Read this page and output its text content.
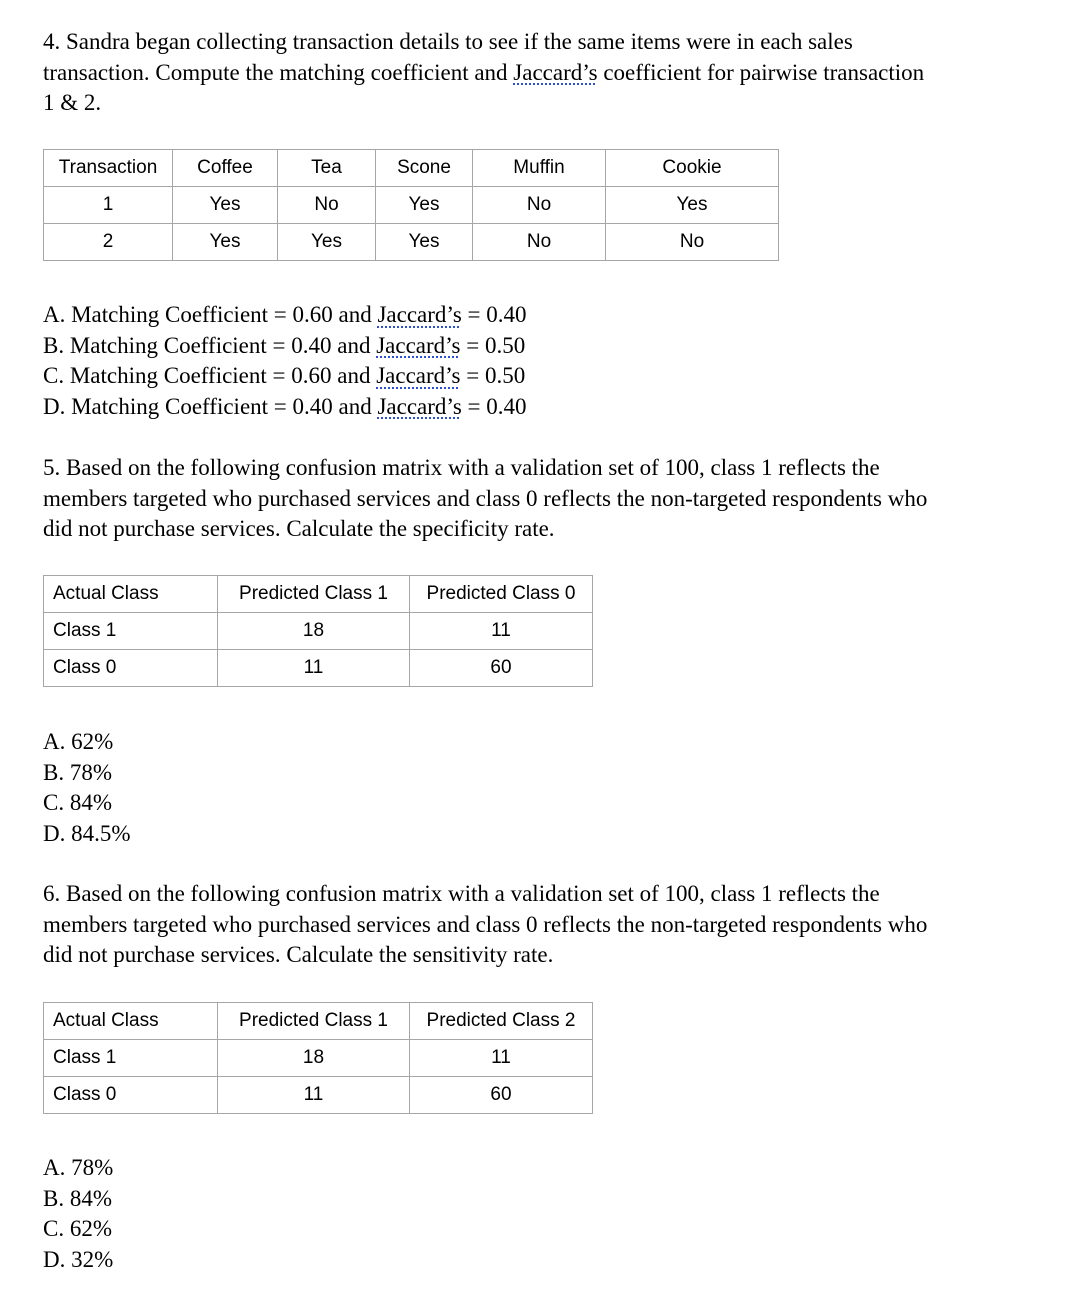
4. Sandra began collecting transaction details to see if the same items were in each sales
transaction. Compute the matching coefficient and Jaccard’s coefficient for pairwise transaction
1 & 2.
Transaction	Coffee	Tea	Scone	Muffin	Cookie
1	Yes	No	Yes	No	Yes
2	Yes	Yes	Yes	No	No
A. Matching Coefficient = 0.60 and Jaccard’s = 0.40
B. Matching Coefficient = 0.40 and Jaccard’s = 0.50
C. Matching Coefficient = 0.60 and Jaccard’s = 0.50
D. Matching Coefficient = 0.40 and Jaccard’s = 0.40
5. Based on the following confusion matrix with a validation set of 100, class 1 reflects the
members targeted who purchased services and class 0 reflects the non-targeted respondents who
did not purchase services. Calculate the specificity rate.
Actual Class	Predicted Class 1	Predicted Class 0
Class 1	18	11
Class 0	11	60
A. 62%
B. 78%
C. 84%
D. 84.5%
6. Based on the following confusion matrix with a validation set of 100, class 1 reflects the
members targeted who purchased services and class 0 reflects the non-targeted respondents who
did not purchase services. Calculate the sensitivity rate.
Actual Class	Predicted Class 1	Predicted Class 2
Class 1	18	11
Class 0	11	60
A. 78%
B. 84%
C. 62%
D. 32%
